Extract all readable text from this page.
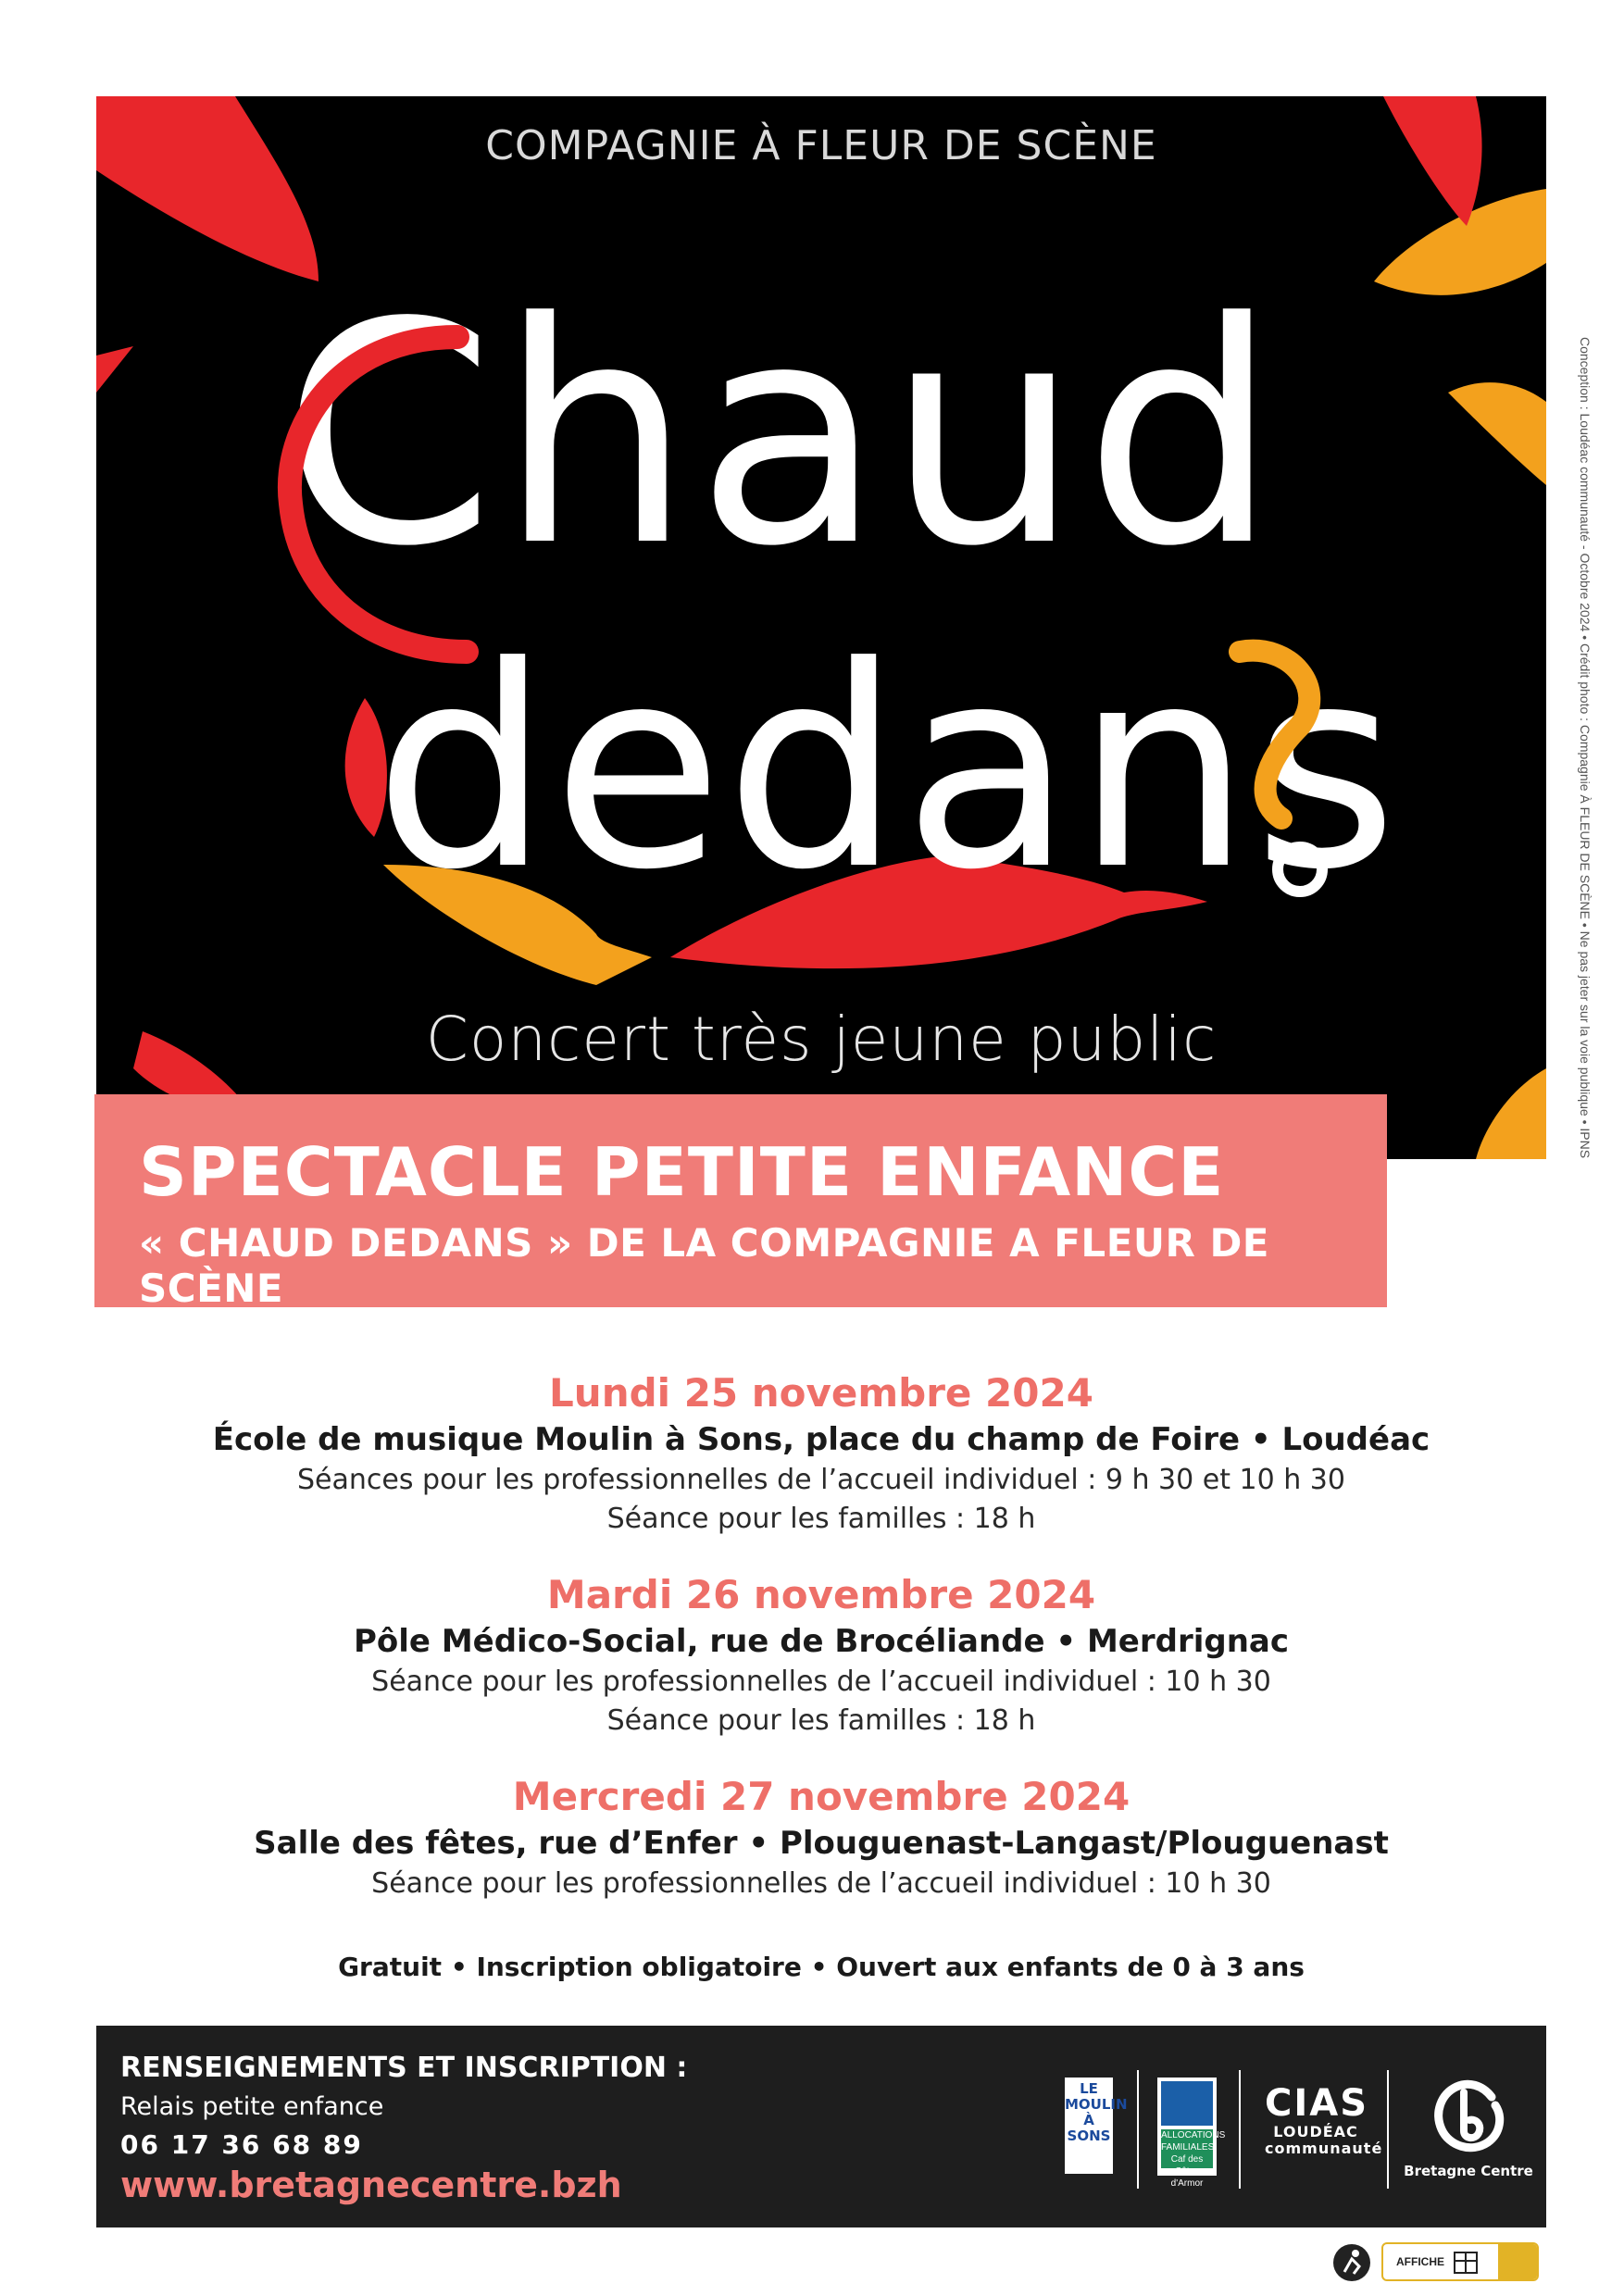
Chaud
dedans
COMPAGNIE À FLEUR DE SCÈNE
Concert très jeune public
SPECTACLE PETITE ENFANCE
« CHAUD DEDANS » DE LA COMPAGNIE A FLEUR DE SCÈNE
Conception : Loudéac communauté - Octobre 2024 • Crédit photo : Compagnie À FLEUR DE SCÈNE • Ne pas jeter sur la voie publique • IPNS
Lundi 25 novembre 2024
École de musique Moulin à Sons, place du champ de Foire • Loudéac
Séances pour les professionnelles de l’accueil individuel : 9 h 30 et 10 h 30
Séance pour les familles : 18 h
Mardi 26 novembre 2024
Pôle Médico-Social, rue de Brocéliande • Merdrignac
Séance pour les professionnelles de l’accueil individuel : 10 h 30
Séance pour les familles : 18 h
Mercredi 27 novembre 2024
Salle des fêtes, rue d’Enfer • Plouguenast-Langast/Plouguenast
Séance pour les professionnelles de l’accueil individuel : 10 h 30
Gratuit • Inscription obligatoire • Ouvert aux enfants de 0 à 3 ans
RENSEIGNEMENTS ET INSCRIPTION :
Relais petite enfance
06 17 36 68 89
www.bretagnecentre.bzh
LE MOULIN À SONS	ALLOCATIONS FAMILIALES Caf des Côtes d'Armor
CIAS
LOUDÉAC communauté
Bretagne Centre
AFFICHE
